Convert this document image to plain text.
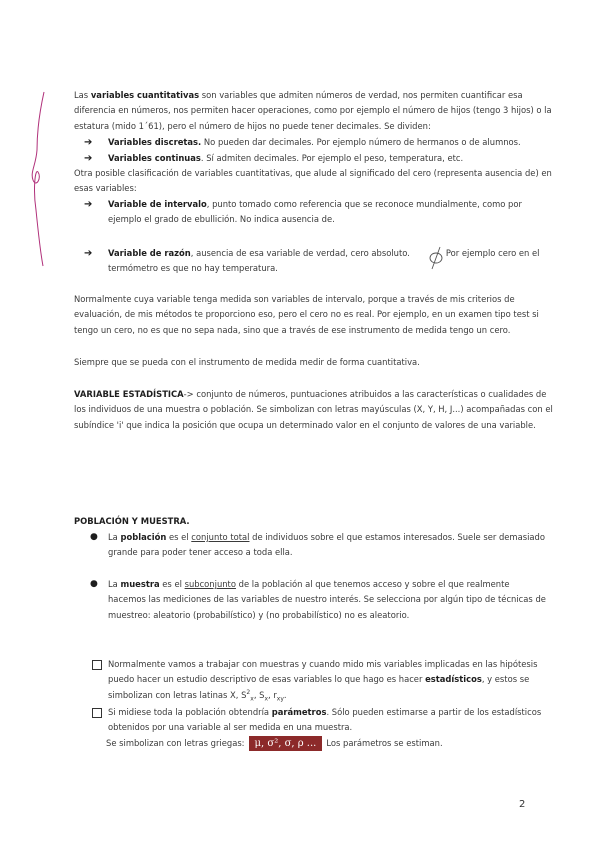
Las variables cuantitativas son variables que admiten números de verdad, nos permiten cuantificar esa diferencia en números, nos permiten hacer operaciones, como por ejemplo el número de hijos (tengo 3 hijos) o la estatura (mido 1´61), pero el número de hijos no puede tener decimales. Se dividen:

➔	Variables discretas. No pueden dar decimales. Por ejemplo número de hermanos o de alumnos.
➔	Variables continuas. Sí admiten decimales. Por ejemplo el peso, temperatura, etc.

Otra posible clasificación de variables cuantitativas, que alude al significado del cero (representa ausencia de) en esas variables:

➔	Variable de intervalo, punto tomado como referencia que se reconoce mundialmente, como por ejemplo el grado de ebullición. No indica ausencia de.
➔	Variable de razón, ausencia de esa variable de verdad, cero absoluto.	Por ejemplo cero en el termómetro es que no hay temperatura.

Normalmente cuya variable tenga medida son variables de intervalo, porque a través de mis criterios de evaluación, de mis métodos te proporciono eso, pero el cero no es real. Por ejemplo, en un examen tipo test si tengo un cero, no es que no sepa nada, sino que a través de ese instrumento de medida tengo un cero.

Siempre que se pueda con el instrumento de medida medir de forma cuantitativa.

VARIABLE ESTADÍSTICA-> conjunto de números, puntuaciones atribuidos a las características o cualidades de los individuos de una muestra o población. Se simbolizan con letras mayúsculas (X, Y, H, J...) acompañadas con el subíndice 'i' que indica la posición que ocupa un determinado valor en el conjunto de valores de una variable.

POBLACIÓN Y MUESTRA.

●	La población es el conjunto total de individuos sobre el que estamos interesados. Suele ser demasiado grande para poder tener acceso a toda ella.
●	La muestra es el subconjunto de la población al que tenemos acceso y sobre el que realmente hacemos las mediciones de las variables de nuestro interés. Se selecciona por algún tipo de técnicas de muestreo: aleatorio (probabilístico) y (no probabilístico) no es aleatorio.
Normalmente vamos a trabajar con muestras y cuando mido mis variables implicadas en las hipótesis puedo hacer un estudio descriptivo de esas variables lo que hago es hacer estadísticos, y estos se simbolizan con letras latinas X, $S^2_x$, $S_x$, $r_{xy}$.
Si midiese toda la población obtendría parámetros. Sólo pueden estimarse a partir de los estadísticos obtenidos por una variable al ser medida en una muestra.
Se simbolizan con letras griegas: μ, σ², σ, ρ ... Los parámetros se estiman.
2
